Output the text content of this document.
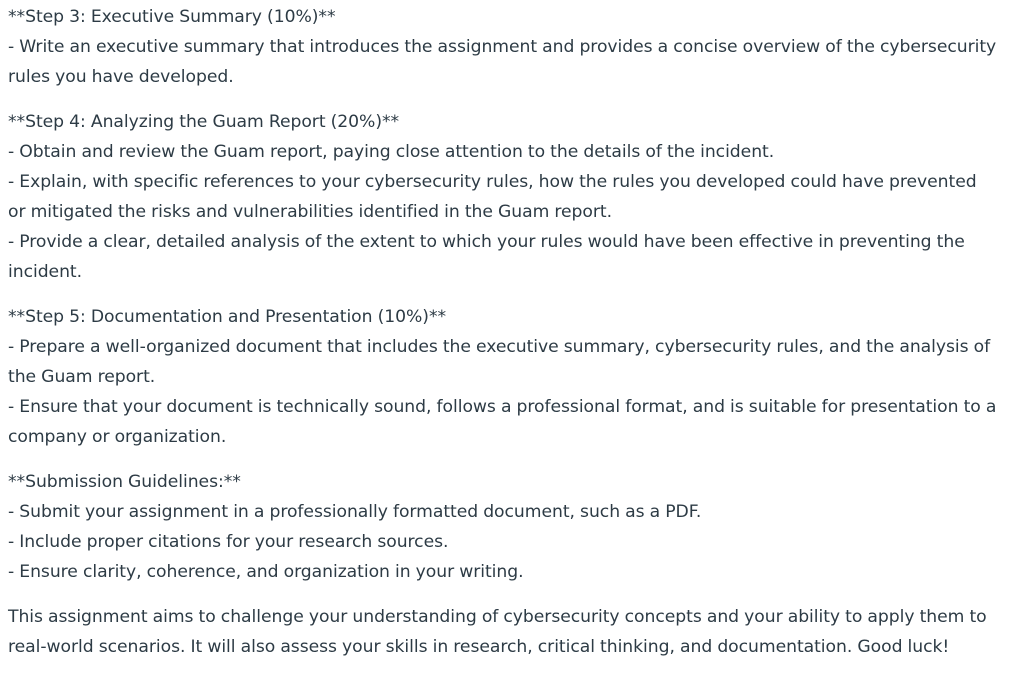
**Step 3: Executive Summary (10%)**
- Write an executive summary that introduces the assignment and provides a concise overview of the cybersecurity
rules you have developed.
**Step 4: Analyzing the Guam Report (20%)**
- Obtain and review the Guam report, paying close attention to the details of the incident.
- Explain, with specific references to your cybersecurity rules, how the rules you developed could have prevented
or mitigated the risks and vulnerabilities identified in the Guam report.
- Provide a clear, detailed analysis of the extent to which your rules would have been effective in preventing the
incident.
**Step 5: Documentation and Presentation (10%)**
- Prepare a well-organized document that includes the executive summary, cybersecurity rules, and the analysis of
the Guam report.
- Ensure that your document is technically sound, follows a professional format, and is suitable for presentation to a
company or organization.
**Submission Guidelines:**
- Submit your assignment in a professionally formatted document, such as a PDF.
- Include proper citations for your research sources.
- Ensure clarity, coherence, and organization in your writing.
This assignment aims to challenge your understanding of cybersecurity concepts and your ability to apply them to
real-world scenarios. It will also assess your skills in research, critical thinking, and documentation. Good luck!
